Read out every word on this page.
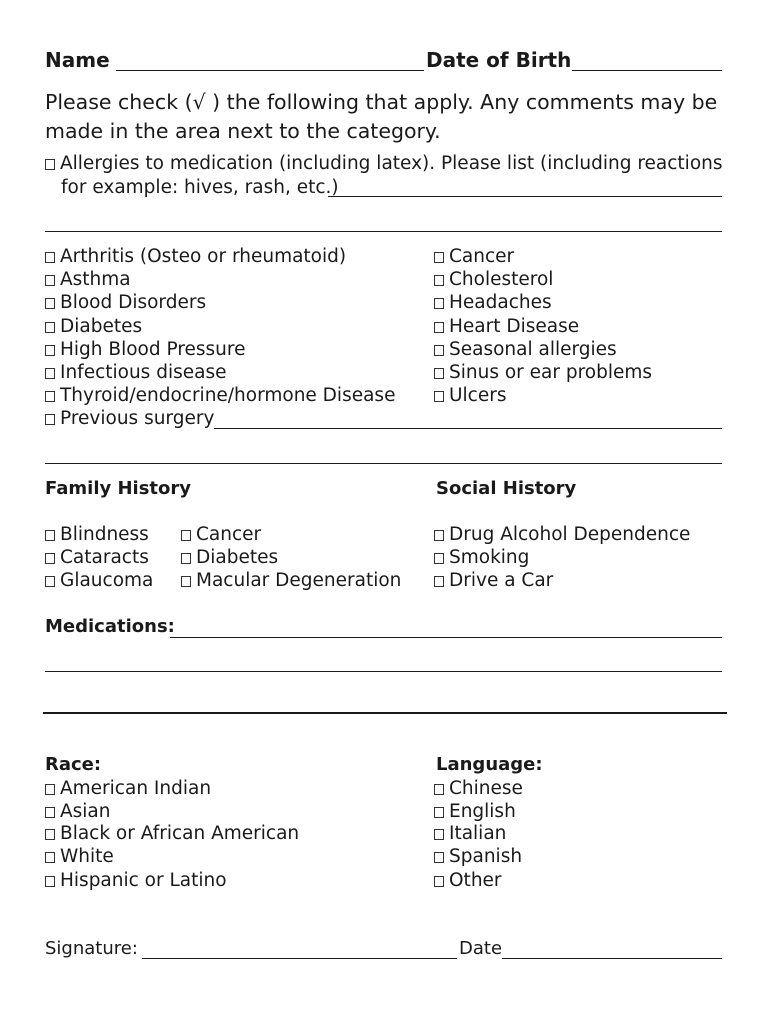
Name	Date of Birth
Please check (√ ) the following that apply. Any comments may be made in the area next to the category.
Allergies to medication (including latex). Please list (including reactions
for example: hives, rash, etc.)
Arthritis (Osteo or rheumatoid)
Asthma
Blood Disorders
Diabetes
High Blood Pressure
Infectious disease
Thyroid/endocrine/hormone Disease
Cancer
Cholesterol
Headaches
Heart Disease
Seasonal allergies
Sinus or ear problems
Ulcers
Previous surgery
Family History	Social History
Blindness
Cataracts
Glaucoma
Cancer
Diabetes
Macular Degeneration
Drug Alcohol Dependence
Smoking
Drive a Car
Medications:
Race:
American Indian
Asian
Black or African American
White
Hispanic or Latino
Language:
Chinese
English
Italian
Spanish
Other
Signature:	Date
